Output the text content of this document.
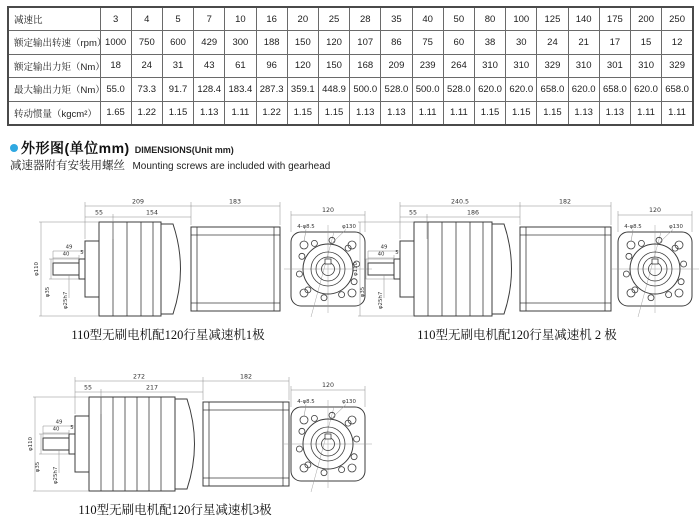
减速比	3	4	5	7	10	16	20	25	28	35	40	50	80	100	125	140	175	200	250
额定输出转速（rpm）	1000	750	600	429	300	188	150	120	107	86	75	60	38	30	24	21	17	15	12
额定输出力矩（Nm）	18	24	31	43	61	96	120	150	168	209	239	264	310	310	329	310	301	310	329
最大输出力矩（Nm）	55.0	73.3	91.7	128.4	183.4	287.3	359.1	448.9	500.0	528.0	500.0	528.0	620.0	620.0	658.0	620.0	658.0	620.0	658.0
转动惯量（kgcm²）	1.65	1.22	1.15	1.13	1.11	1.22	1.15	1.15	1.13	1.13	1.11	1.11	1.15	1.15	1.15	1.13	1.13	1.11	1.11
外形图(单位mm) DIMENSIONS(Unit mm)
减速器附有安装用螺丝 Mounting screws are included with gearhead
209	183
55	154
49
40 5
φ110
φ35 φ25h7
120
4-φ8.5	φ130
110型无刷电机配120行星减速机1极
240.5	182
55	186
49
40 5
φ110
φ35 φ25h7
120
4-φ8.5	φ130
110型无刷电机配120行星减速机 2 极
272	182
55	217
49
40 5
φ110
φ35 φ25h7
120
4-φ8.5	φ130
110型无刷电机配120行星减速机3极
